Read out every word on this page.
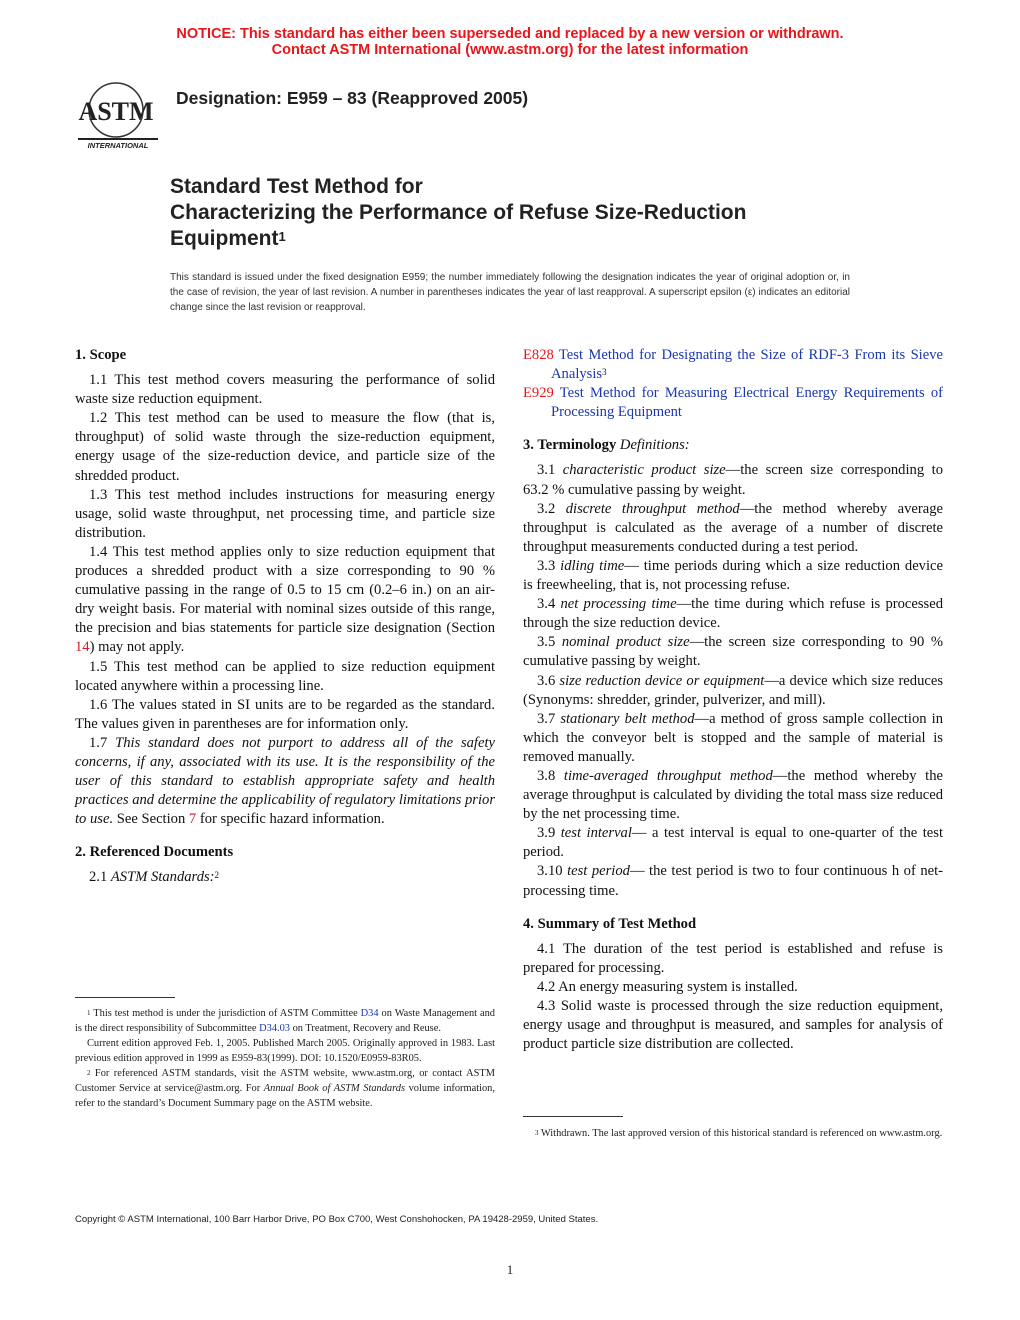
NOTICE: This standard has either been superseded and replaced by a new version or withdrawn.
Contact ASTM International (www.astm.org) for the latest information
ASTM
INTERNATIONAL
Designation: E959 – 83 (Reapproved 2005)
Standard Test Method for
Characterizing the Performance of Refuse Size-Reduction
Equipment$^1$
This standard is issued under the fixed designation E959; the number immediately following the designation indicates the year of original adoption or, in the case of revision, the year of last revision. A number in parentheses indicates the year of last reapproval. A superscript epsilon (ε) indicates an editorial change since the last revision or reapproval.
1. Scope

1.1 This test method covers measuring the performance of solid waste size reduction equipment.

1.2 This test method can be used to measure the flow (that is, throughput) of solid waste through the size-reduction equipment, energy usage of the size-reduction device, and particle size of the shredded product.

1.3 This test method includes instructions for measuring energy usage, solid waste throughput, net processing time, and particle size distribution.

1.4 This test method applies only to size reduction equipment that produces a shredded product with a size corresponding to 90 % cumulative passing in the range of 0.5 to 15 cm (0.2–6 in.) on an air-dry weight basis. For material with nominal sizes outside of this range, the precision and bias statements for particle size designation (Section 14) may not apply.

1.5 This test method can be applied to size reduction equipment located anywhere within a processing line.

1.6 The values stated in SI units are to be regarded as the standard. The values given in parentheses are for information only.

1.7 This standard does not purport to address all of the safety concerns, if any, associated with its use. It is the responsibility of the user of this standard to establish appropriate safety and health practices and determine the applicability of regulatory limitations prior to use. See Section 7 for specific hazard information.

2. Referenced Documents

2.1 ASTM Standards:$^2$

$^1$ This test method is under the jurisdiction of ASTM Committee D34 on Waste Management and is the direct responsibility of Subcommittee D34.03 on Treatment, Recovery and Reuse.

Current edition approved Feb. 1, 2005. Published March 2005. Originally approved in 1983. Last previous edition approved in 1999 as E959-83(1999). DOI: 10.1520/E0959-83R05.

$^2$ For referenced ASTM standards, visit the ASTM website, www.astm.org, or contact ASTM Customer Service at service@astm.org. For Annual Book of ASTM Standards volume information, refer to the standard’s Document Summary page on the ASTM website.

E828 Test Method for Designating the Size of RDF-3 From its Sieve Analysis$^3$

E929 Test Method for Measuring Electrical Energy Requirements of Processing Equipment

3. Terminology Definitions:

3.1 characteristic product size—the screen size corresponding to 63.2 % cumulative passing by weight.

3.2 discrete throughput method—the method whereby average throughput is calculated as the average of a number of discrete throughput measurements conducted during a test period.

3.3 idling time— time periods during which a size reduction device is freewheeling, that is, not processing refuse.

3.4 net processing time—the time during which refuse is processed through the size reduction device.

3.5 nominal product size—the screen size corresponding to 90 % cumulative passing by weight.

3.6 size reduction device or equipment—a device which size reduces (Synonyms: shredder, grinder, pulverizer, and mill).

3.7 stationary belt method—a method of gross sample collection in which the conveyor belt is stopped and the sample of material is removed manually.

3.8 time-averaged throughput method—the method whereby the average throughput is calculated by dividing the total mass size reduced by the net processing time.

3.9 test interval— a test interval is equal to one-quarter of the test period.

3.10 test period— the test period is two to four continuous h of net-processing time.

4. Summary of Test Method

4.1 The duration of the test period is established and refuse is prepared for processing.

4.2 An energy measuring system is installed.

4.3 Solid waste is processed through the size reduction equipment, energy usage and throughput is measured, and samples for analysis of product particle size distribution are collected.

$^3$ Withdrawn. The last approved version of this historical standard is referenced on www.astm.org.

Copyright © ASTM International, 100 Barr Harbor Drive, PO Box C700, West Conshohocken, PA 19428-2959, United States.
1
